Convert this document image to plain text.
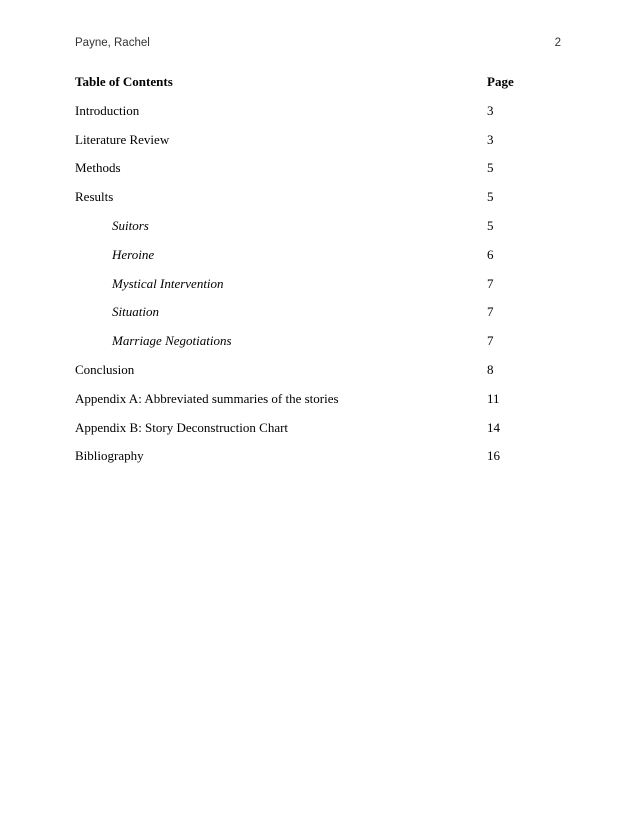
Payne, Rachel	2
Table of Contents	Page
Introduction	3
Literature Review	3
Methods	5
Results	5
Suitors	5
Heroine	6
Mystical Intervention	7
Situation	7
Marriage Negotiations	7
Conclusion	8
Appendix A: Abbreviated summaries of the stories	11
Appendix B: Story Deconstruction Chart	14
Bibliography	16
